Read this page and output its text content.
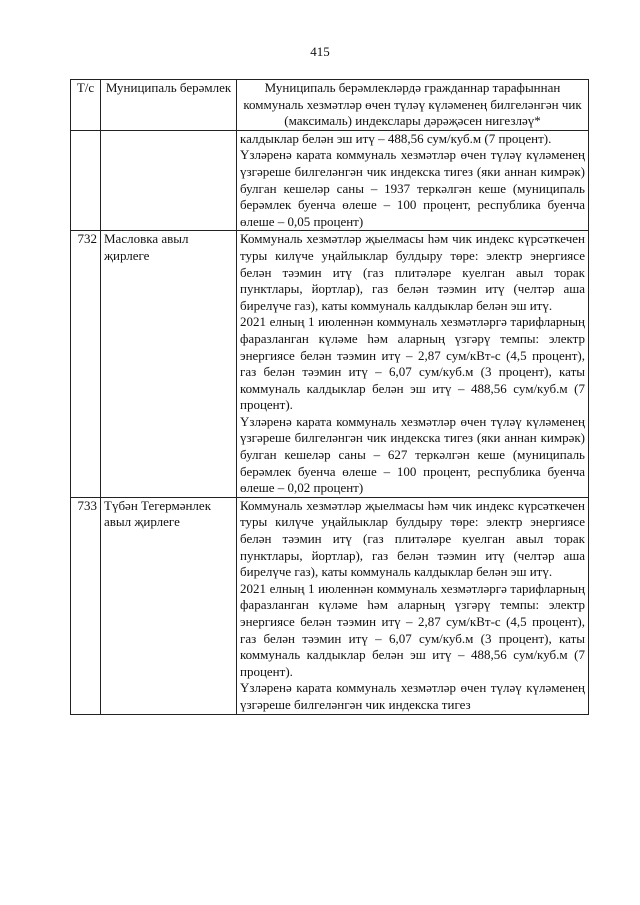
415
Т/с	Муниципаль берәмлек	Муниципаль берәмлекләрдә гражданнар тарафыннан коммуналь хезмәтләр өчен түләү күләменең билгеләнгән чик (максималь) индекслары дәрәҗәсен нигезләү*

		калдыклар белән эш итү – 488,56 сум/куб.м (7 процент).
Үзләренә карата коммуналь хезмәтләр өчен түләү күләменең үзгәреше билгеләнгән чик индекска тигез (яки аннан кимрәк) булган кешеләр саны – 1937 теркәлгән кеше (муниципаль берәмлек буенча өлеше – 100 процент, республика буенча өлеше – 0,05 процент)

732	Масловка авыл җирлеге	Коммуналь хезмәтләр җыелмасы һәм чик индекс күрсәткечен туры килүче уңайлыклар булдыру төре: электр энергиясе белән тәэмин итү (газ плитәләре куелган авыл торак пунктлары, йортлар), газ белән тәэмин итү (челтәр аша бирелүче газ), каты коммуналь калдыклар белән эш итү.
2021 елның 1 июленнән коммуналь хезмәтләргә тарифларның фаразланган күләме һәм аларның үзгәрү темпы: электр энергиясе белән тәэмин итү – 2,87 сум/кВт-с (4,5 процент), газ белән тәэмин итү – 6,07 сум/куб.м (3 процент), каты коммуналь калдыклар белән эш итү – 488,56 сум/куб.м (7 процент).
Үзләренә карата коммуналь хезмәтләр өчен түләү күләменең үзгәреше билгеләнгән чик индекска тигез (яки аннан кимрәк) булган кешеләр саны – 627 теркәлгән кеше (муниципаль берәмлек буенча өлеше – 100 процент, республика буенча өлеше – 0,02 процент)

733	Түбән Тегермәнлек авыл җирлеге	Коммуналь хезмәтләр җыелмасы һәм чик индекс күрсәткечен туры килүче уңайлыклар булдыру төре: электр энергиясе белән тәэмин итү (газ плитәләре куелган авыл торак пунктлары, йортлар), газ белән тәэмин итү (челтәр аша бирелүче газ), каты коммуналь калдыклар белән эш итү.
2021 елның 1 июленнән коммуналь хезмәтләргә тарифларның фаразланган күләме һәм аларның үзгәрү темпы: электр энергиясе белән тәэмин итү – 2,87 сум/кВт-с (4,5 процент), газ белән тәэмин итү – 6,07 сум/куб.м (3 процент), каты коммуналь калдыклар белән эш итү – 488,56 сум/куб.м (7 процент).
Үзләренә карата коммуналь хезмәтләр өчен түләү күләменең үзгәреше билгеләнгән чик индекска тигез
